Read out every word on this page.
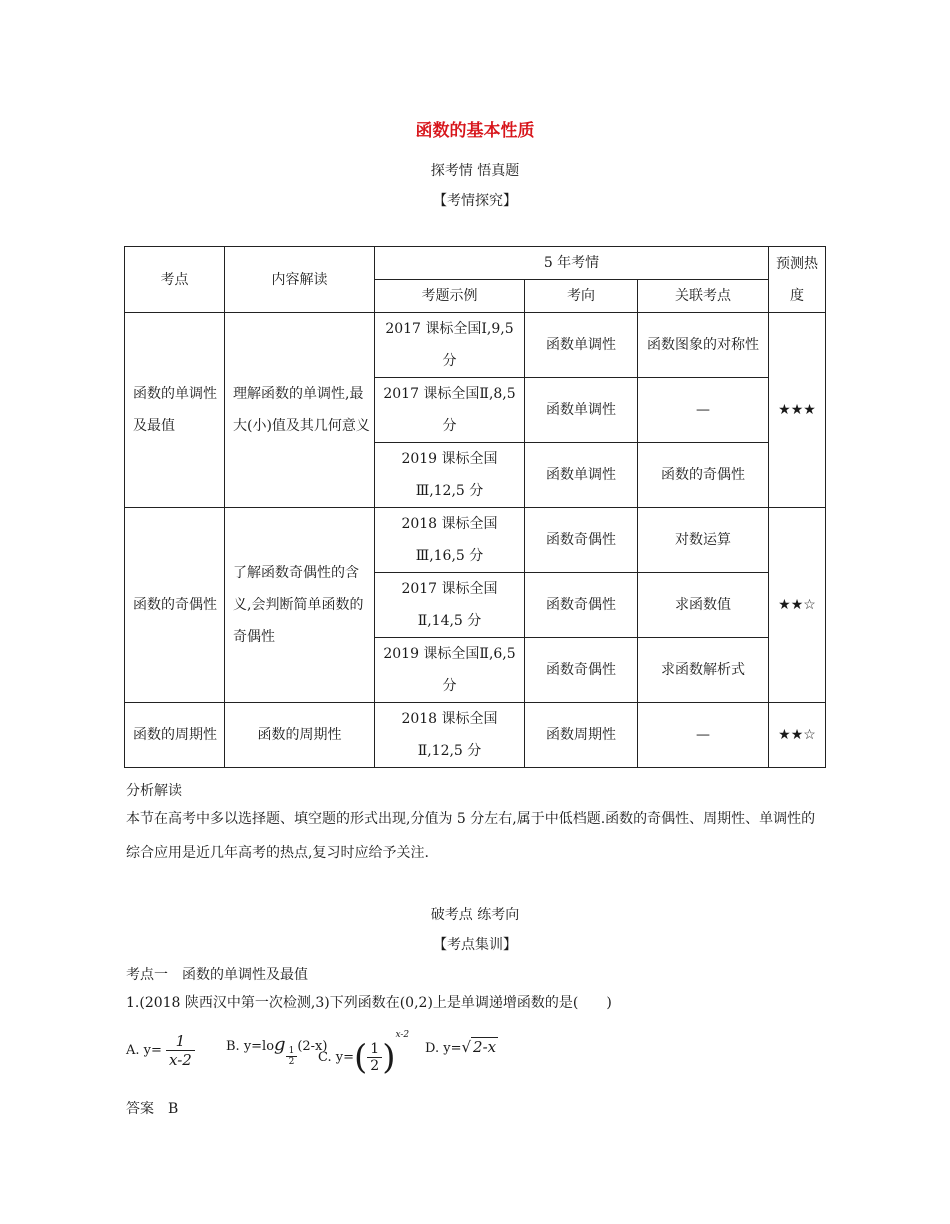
函数的基本性质
探考情 悟真题
【考情探究】
考点	内容解读	5 年考情			预测热度
		考题示例	考向	关联考点	
函数的单调性及最值	理解函数的单调性,最大(小)值及其几何意义	2017 课标全国Ⅰ,9,5 分	函数单调性	函数图象的对称性	★★★
		2017 课标全国Ⅱ,8,5 分	函数单调性	—	
		2019 课标全国Ⅲ,12,5 分	函数单调性	函数的奇偶性	
函数的奇偶性	了解函数奇偶性的含义,会判断简单函数的奇偶性	2018 课标全国Ⅲ,16,5 分	函数奇偶性	对数运算	★★☆
		2017 课标全国Ⅱ,14,5 分	函数奇偶性	求函数值	
		2019 课标全国Ⅱ,6,5 分	函数奇偶性	求函数解析式	
函数的周期性	函数的周期性	2018 课标全国Ⅱ,12,5 分	函数周期性	—	★★☆
分析解读
本节在高考中多以选择题、填空题的形式出现,分值为 5 分左右,属于中低档题.函数的奇偶性、周期性、单调性的综合应用是近几年高考的热点,复习时应给予关注.
破考点 练考向
【考点集训】
考点一　函数的单调性及最值
1.(2018 陕西汉中第一次检测,3)下列函数在(0,2)上是单调递增函数的是(　　)
A. $y= \frac{1}{x-2} B$. y=log
$\frac{1}{2} (2-x)$
C. $y=( \frac{1}{2} )^{x-2}$
D. y=√ 2-x
答案　B
